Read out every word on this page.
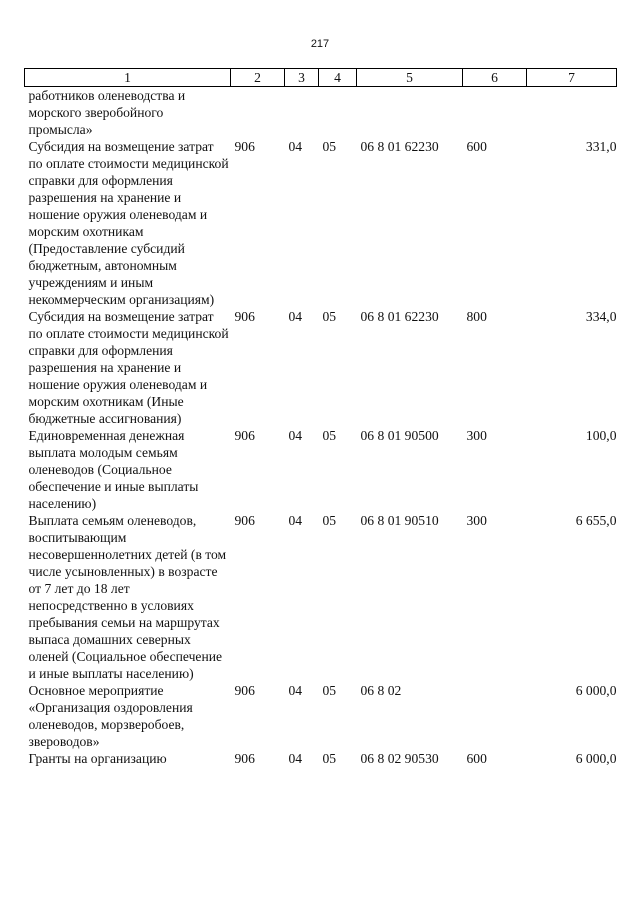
217
1	2	3	4	5	6	7
работников оленеводства и морского зверобойного промысла»						
Субсидия на возмещение затрат по оплате стоимости медицинской справки для оформления разрешения на хранение и ношение оружия оленеводам и морским охотникам (Предоставление субсидий бюджетным, автономным учреждениям и иным некоммерческим организациям)	906	04	05	06 8 01 62230	600	331,0
Субсидия на возмещение затрат по оплате стоимости медицинской справки для оформления разрешения на хранение и ношение оружия оленеводам и морским охотникам (Иные бюджетные ассигнования)	906	04	05	06 8 01 62230	800	334,0
Единовременная денежная выплата молодым семьям оленеводов (Социальное обеспечение и иные выплаты населению)	906	04	05	06 8 01 90500	300	100,0
Выплата семьям оленеводов, воспитывающим несовершеннолетних детей (в том числе усыновленных) в возрасте от 7 лет до 18 лет непосредственно в условиях пребывания семьи на маршрутах выпаса домашних северных оленей (Социальное обеспечение и иные выплаты населению)	906	04	05	06 8 01 90510	300	6 655,0
Основное мероприятие «Организация оздоровления оленеводов, морзверобоев, звероводов»	906	04	05	06 8 02		6 000,0
Гранты на организацию	906	04	05	06 8 02 90530	600	6 000,0
